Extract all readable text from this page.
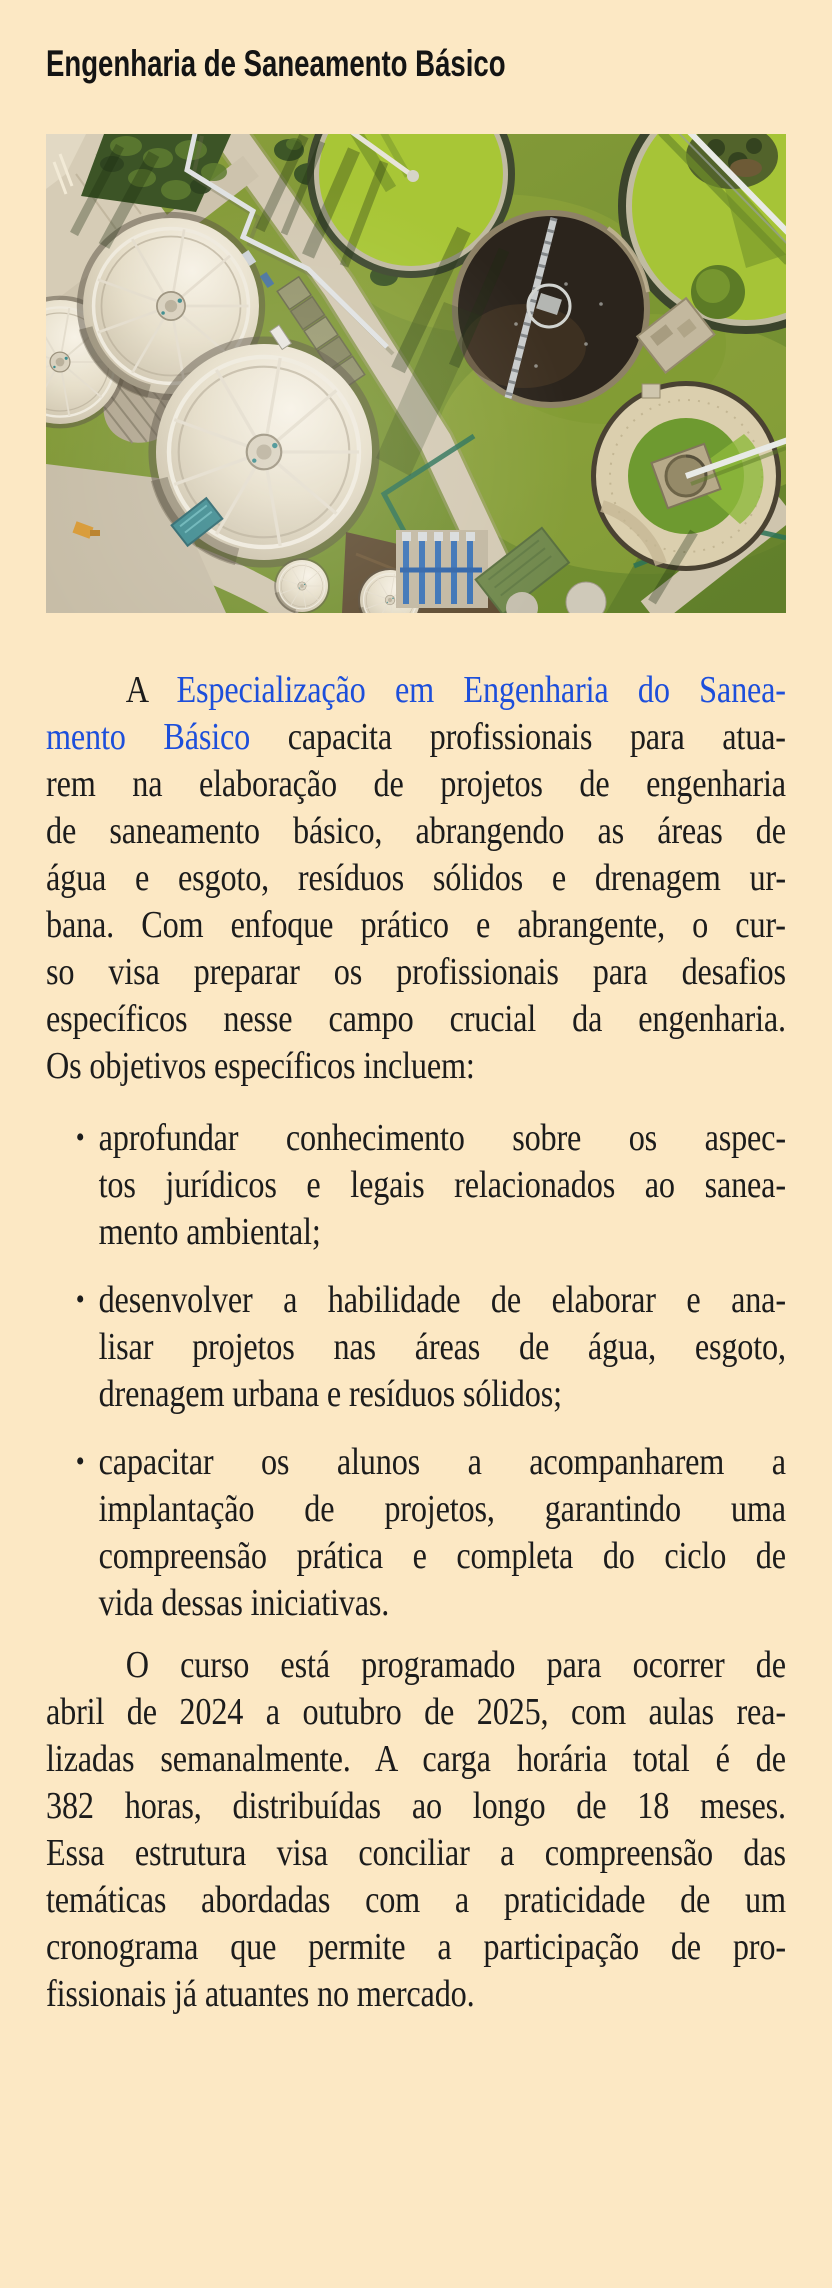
Engenharia de Saneamento Básico
A Especialização em Engenharia do Sanea-
mento Básico capacita profissionais para atua-
rem na elaboração de projetos de engenharia
de saneamento básico, abrangendo as áreas de
água e esgoto, resíduos sólidos e drenagem ur-
bana. Com enfoque prático e abrangente, o cur-
so visa preparar os profissionais para desafios
específicos nesse campo crucial da engenharia.
Os objetivos específicos incluem:
• aprofundar conhecimento sobre os aspec-
tos jurídicos e legais relacionados ao sanea-
mento ambiental;
• desenvolver a habilidade de elaborar e ana-
lisar projetos nas áreas de água, esgoto,
drenagem urbana e resíduos sólidos;
• capacitar os alunos a acompanharem a
implantação de projetos, garantindo uma
compreensão prática e completa do ciclo de
vida dessas iniciativas.
O curso está programado para ocorrer de
abril de 2024 a outubro de 2025, com aulas rea-
lizadas semanalmente. A carga horária total é de
382 horas, distribuídas ao longo de 18 meses.
Essa estrutura visa conciliar a compreensão das
temáticas abordadas com a praticidade de um
cronograma que permite a participação de pro-
fissionais já atuantes no mercado.
